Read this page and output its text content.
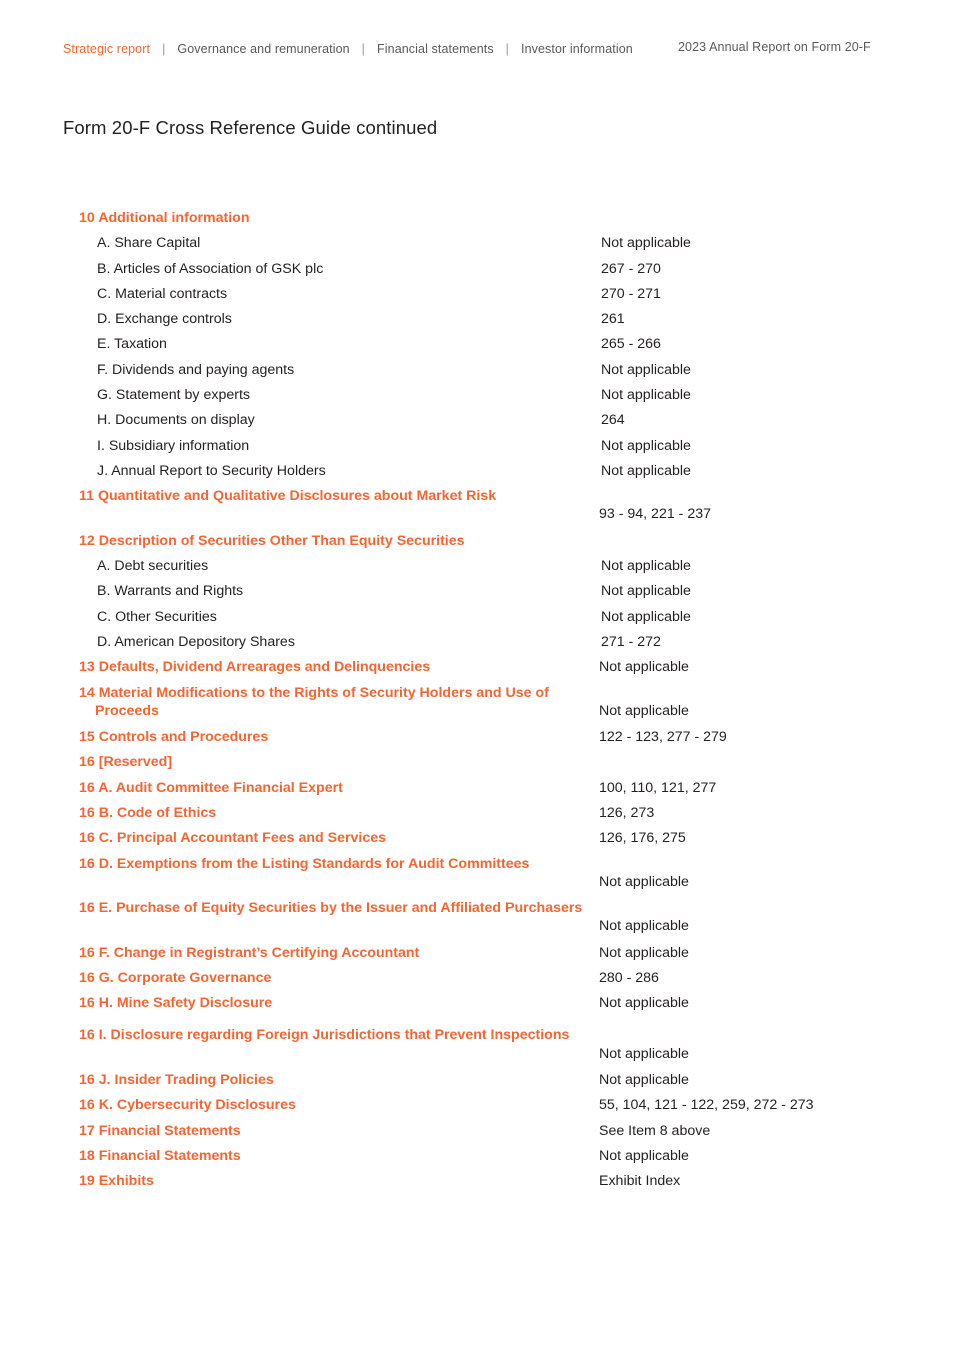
Strategic report | Governance and remuneration | Financial statements | Investor information	2023 Annual Report on Form 20-F
Form 20-F Cross Reference Guide continued
10 Additional information
A. Share Capital	Not applicable
B. Articles of Association of GSK plc	267 - 270
C. Material contracts	270 - 271
D. Exchange controls	261
E. Taxation	265 - 266
F. Dividends and paying agents	Not applicable
G. Statement by experts	Not applicable
H. Documents on display	264
I. Subsidiary information	Not applicable
J. Annual Report to Security Holders	Not applicable
11 Quantitative and Qualitative Disclosures about Market Risk
93 - 94, 221 - 237
12 Description of Securities Other Than Equity Securities
A. Debt securities	Not applicable
B. Warrants and Rights	Not applicable
C. Other Securities	Not applicable
D. American Depository Shares	271 - 272
13 Defaults, Dividend Arrearages and Delinquencies	Not applicable
14 Material Modifications to the Rights of Security Holders and Use of Proceeds	Not applicable
15 Controls and Procedures	122 - 123, 277 - 279
16 [Reserved]
16 A. Audit Committee Financial Expert	100, 110, 121, 277
16 B. Code of Ethics	126, 273
16 C. Principal Accountant Fees and Services	126, 176, 275
16 D. Exemptions from the Listing Standards for Audit Committees
Not applicable
16 E. Purchase of Equity Securities by the Issuer and Affiliated Purchasers
Not applicable
16 F. Change in Registrant’s Certifying Accountant	Not applicable
16 G. Corporate Governance	280 - 286
16 H. Mine Safety Disclosure	Not applicable
16 I. Disclosure regarding Foreign Jurisdictions that Prevent Inspections
Not applicable
16 J. Insider Trading Policies	Not applicable
16 K. Cybersecurity Disclosures	55, 104, 121 - 122, 259, 272 - 273
17 Financial Statements	See Item 8 above
18 Financial Statements	Not applicable
19 Exhibits	Exhibit Index
